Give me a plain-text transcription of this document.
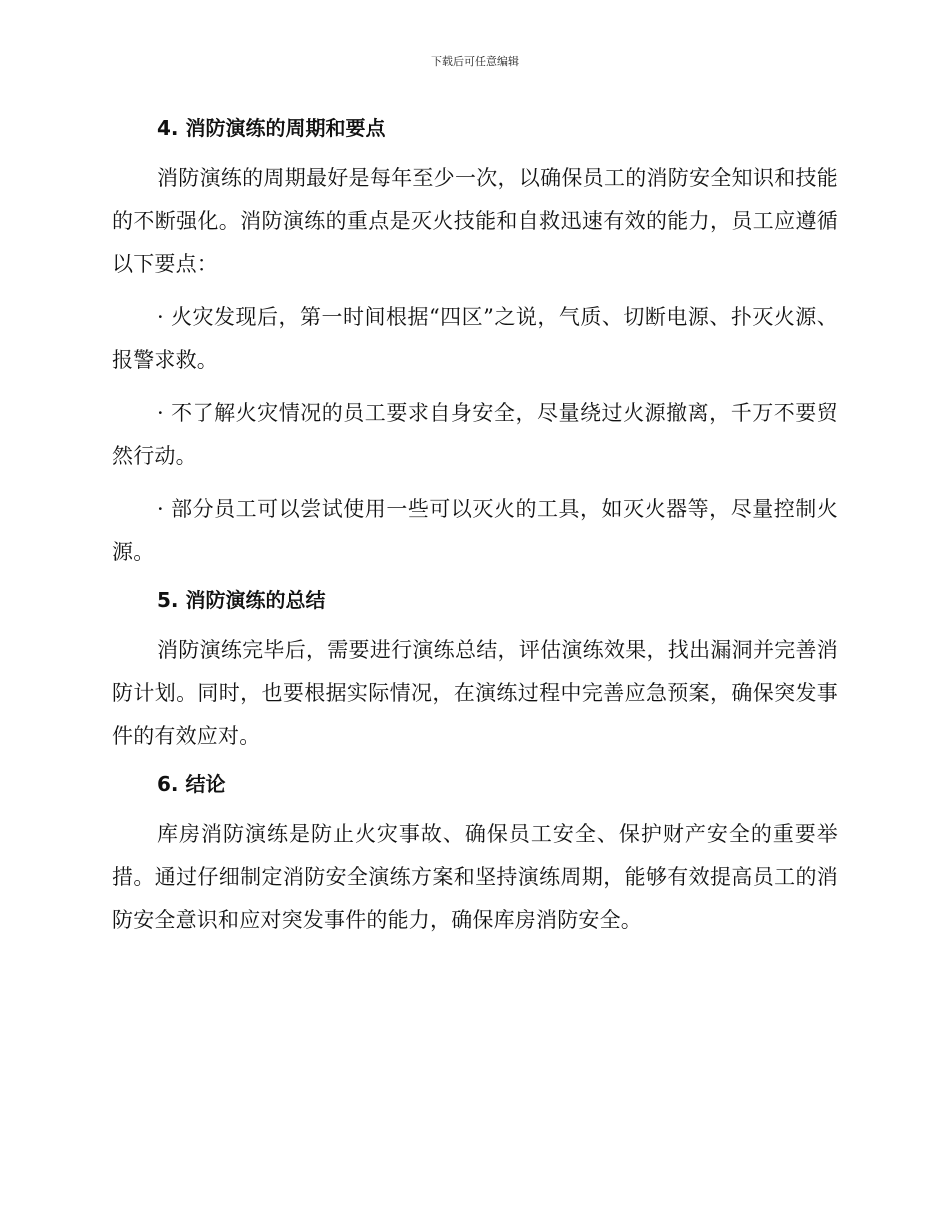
下载后可任意编辑
4. 消防演练的周期和要点

消防演练的周期最好是每年至少一次，以确保员工的消防安全知识和技能的不断强化。消防演练的重点是灭火技能和自救迅速有效的能力，员工应遵循以下要点：

· 火灾发现后，第一时间根据“四区”之说，气质、切断电源、扑灭火源、报警求救。

· 不了解火灾情况的员工要求自身安全，尽量绕过火源撤离，千万不要贸然行动。

· 部分员工可以尝试使用一些可以灭火的工具，如灭火器等，尽量控制火源。

5. 消防演练的总结

消防演练完毕后，需要进行演练总结，评估演练效果，找出漏洞并完善消防计划。同时，也要根据实际情况，在演练过程中完善应急预案，确保突发事件的有效应对。

6. 结论

库房消防演练是防止火灾事故、确保员工安全、保护财产安全的重要举措。通过仔细制定消防安全演练方案和坚持演练周期，能够有效提高员工的消防安全意识和应对突发事件的能力，确保库房消防安全。
